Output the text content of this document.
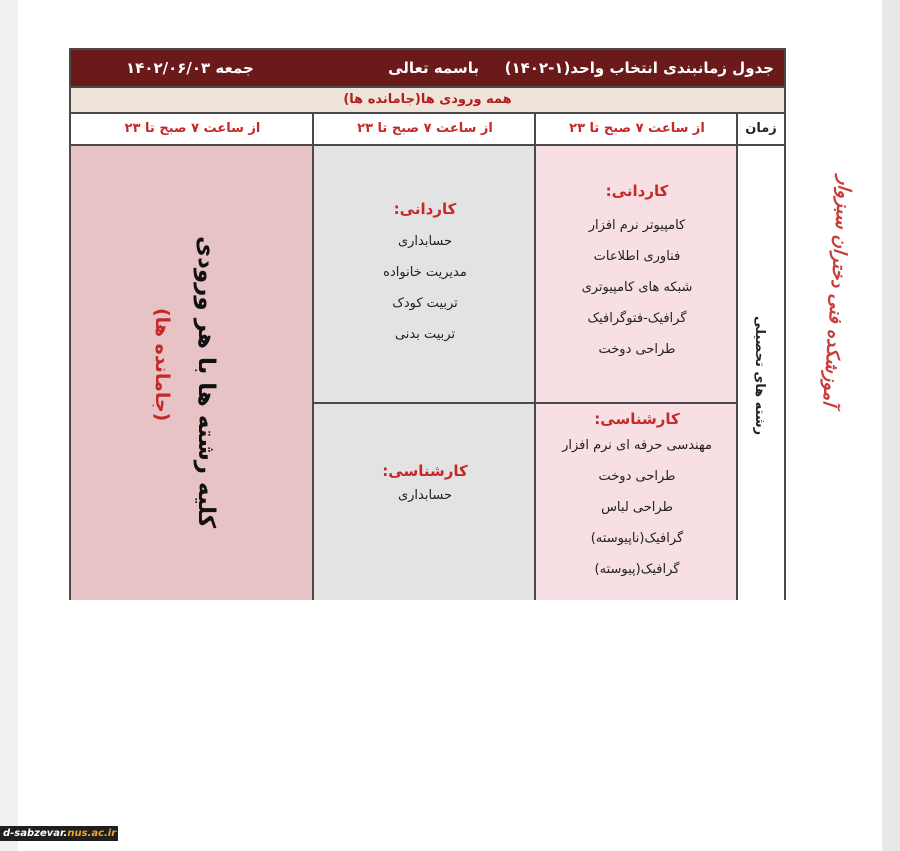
جدول زمانبندی انتخاب واحد(۱-۱۴۰۲)
باسمه تعالی
جمعه ۱۴۰۲/۰۶/۰۳
همه ورودی ها(جامانده ها)
زمان
از ساعت ۷ صبح تا ۲۳
از ساعت ۷ صبح تا ۲۳
از ساعت ۷ صبح تا ۲۳
رشته های تحصیلی
کاردانی:
کامپیوتر نرم افزار
فناوری اطلاعات
شبکه های کامپیوتری
گرافیک-فتوگرافیک
طراحی دوخت
کارشناسی:
مهندسی حرفه ای نرم افزار
طراحی دوخت
طراحی لباس
گرافیک(ناپیوسته)
گرافیک(پیوسته)
کاردانی:
حسابداری
مدیریت خانواده
تربیت کودک
تربیت بدنی
کارشناسی:
حسابداری
کلیه رشته ها با هر ورودی
(جامانده ها)	آموزشکده فنی دختران سبزوار
d-sabzevar.nus.ac.ir
